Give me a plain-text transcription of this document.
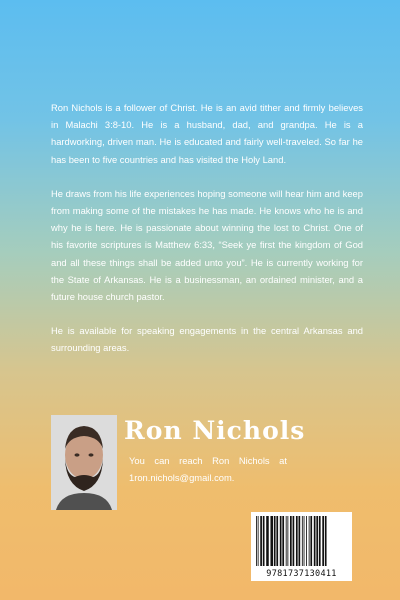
Ron Nichols is a follower of Christ. He is an avid tither and firmly believes in Malachi 3:8-10. He is a husband, dad, and grandpa. He is a hardworking, driven man. He is educated and fairly well-traveled. So far he has been to five countries and has visited the Holy Land.

He draws from his life experiences hoping someone will hear him and keep from making some of the mistakes he has made. He knows who he is and why he is here. He is passionate about winning the lost to Christ. One of his favorite scriptures is Matthew 6:33, “Seek ye first the kingdom of God and all these things shall be added unto you”. He is currently working for the State of Arkansas. He is a businessman, an ordained minister, and a future house church pastor.

He is available for speaking engagements in the central Arkansas and surrounding areas.

Ron Nichols
You can reach Ron Nichols at 1ron.nichols@gmail.com.
9781737130411
